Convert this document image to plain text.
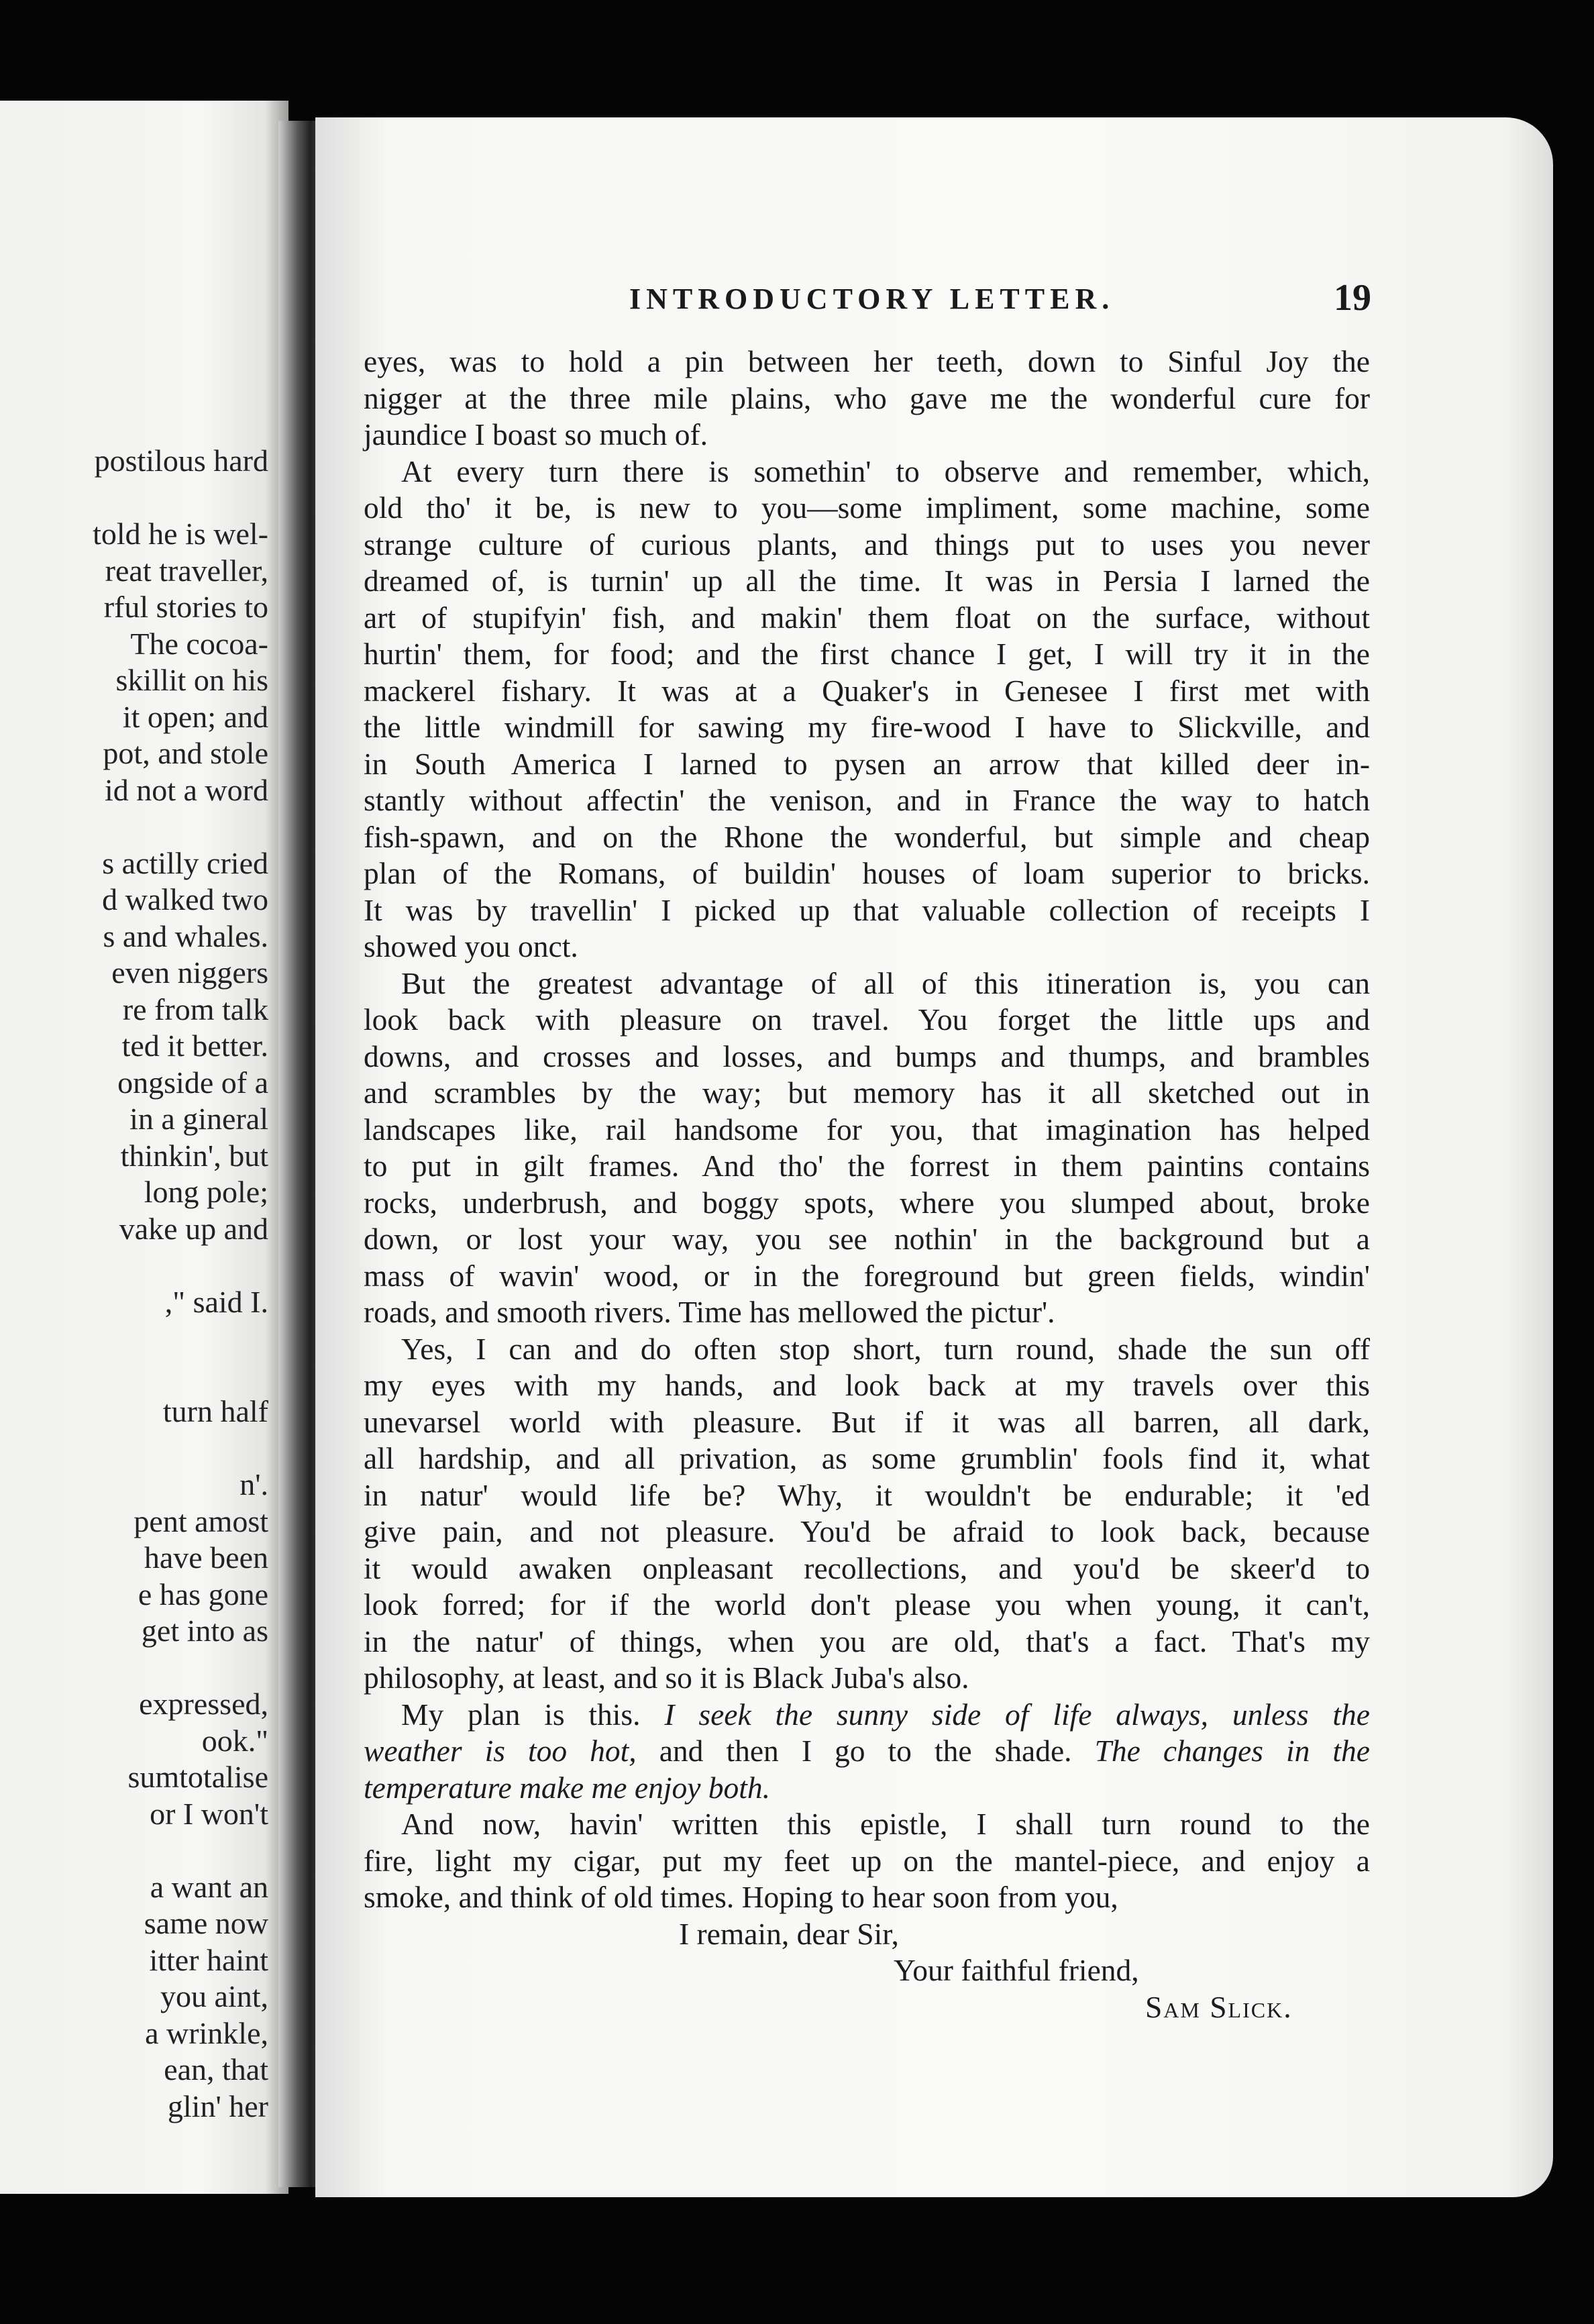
postilous hard
told he is wel-
reat traveller,
rful stories to
The cocoa-
skillit on his
it open; and
pot, and stole
id not a word
s actilly cried
d walked two
s and whales.
even niggers
re from talk
ted it better.
ongside of a
in a gineral
thinkin', but
long pole;
vake up and
," said I.
turn half
n'.
pent amost
have been
e has gone
get into as
expressed,
ook."
sumtotalise
or I won't
a want an
same now
itter haint
you aint,
a wrinkle,
ean, that
glin' her
INTRODUCTORY LETTER.	19
eyes, was to hold a pin between her teeth, down to Sinful Joy the
nigger at the three mile plains, who gave me the wonderful cure for
jaundice I boast so much of.
At every turn there is somethin' to observe and remember, which,
old tho' it be, is new to you—some impliment, some machine, some
strange culture of curious plants, and things put to uses you never
dreamed of, is turnin' up all the time. It was in Persia I larned the
art of stupifyin' fish, and makin' them float on the surface, without
hurtin' them, for food; and the first chance I get, I will try it in the
mackerel fishary. It was at a Quaker's in Genesee I first met with
the little windmill for sawing my fire-wood I have to Slickville, and
in South America I larned to pysen an arrow that killed deer in-
stantly without affectin' the venison, and in France the way to hatch
fish-spawn, and on the Rhone the wonderful, but simple and cheap
plan of the Romans, of buildin' houses of loam superior to bricks.
It was by travellin' I picked up that valuable collection of receipts I
showed you onct.
But the greatest advantage of all of this itineration is, you can
look back with pleasure on travel. You forget the little ups and
downs, and crosses and losses, and bumps and thumps, and brambles
and scrambles by the way; but memory has it all sketched out in
landscapes like, rail handsome for you, that imagination has helped
to put in gilt frames. And tho' the forrest in them paintins contains
rocks, underbrush, and boggy spots, where you slumped about, broke
down, or lost your way, you see nothin' in the background but a
mass of wavin' wood, or in the foreground but green fields, windin'
roads, and smooth rivers. Time has mellowed the pictur'.
Yes, I can and do often stop short, turn round, shade the sun off
my eyes with my hands, and look back at my travels over this
unevarsel world with pleasure. But if it was all barren, all dark,
all hardship, and all privation, as some grumblin' fools find it, what
in natur' would life be? Why, it wouldn't be endurable; it 'ed
give pain, and not pleasure. You'd be afraid to look back, because
it would awaken onpleasant recollections, and you'd be skeer'd to
look forred; for if the world don't please you when young, it can't,
in the natur' of things, when you are old, that's a fact. That's my
philosophy, at least, and so it is Black Juba's also.
My plan is this. I seek the sunny side of life always, unless the
weather is too hot, and then I go to the shade. The changes in the
temperature make me enjoy both.
And now, havin' written this epistle, I shall turn round to the
fire, light my cigar, put my feet up on the mantel-piece, and enjoy a
smoke, and think of old times. Hoping to hear soon from you,
I remain, dear Sir,
Your faithful friend,
Sam Slick.
